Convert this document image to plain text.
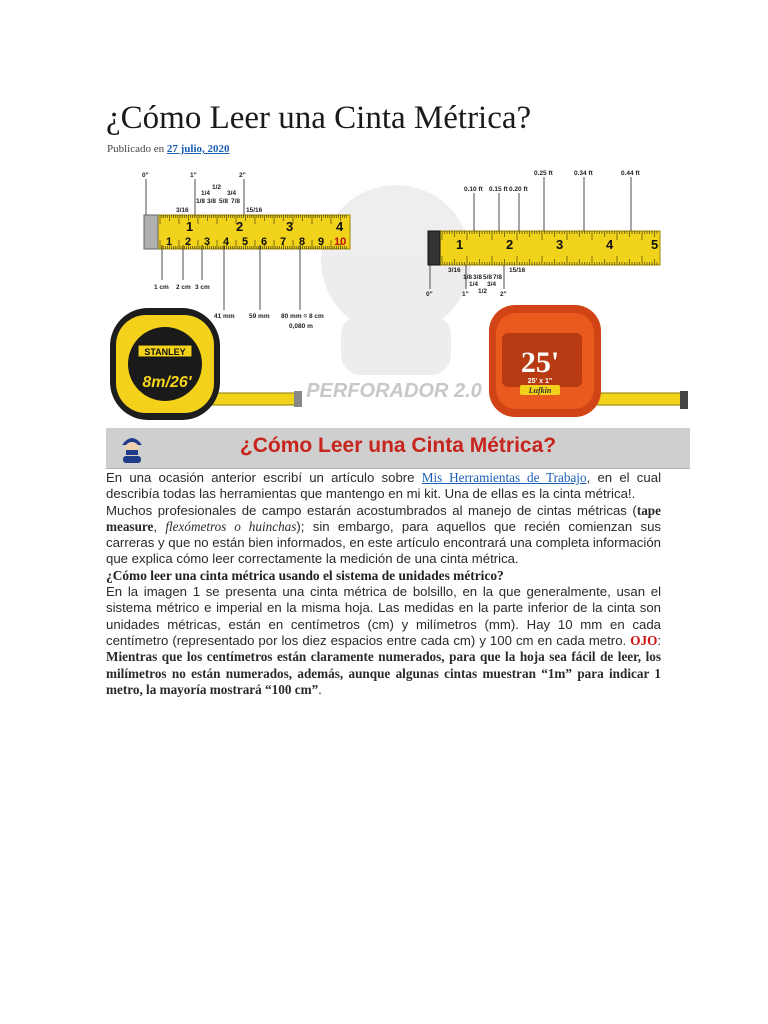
¿Cómo Leer una Cinta Métrica?
Publicado en 27 julio, 2020
PERFORADOR 2.0
1	2	3	4
1 2 3 4 5 6 7 8 9 10
0"	1"	2"
1/2
1/4	3/4
1/8 3/8 5/8 7/8
3/16	15/16
1 cm 2 cm 3 cm
41 mm 59 mm 80 mm = 8 cm
0,080 m
1	2	3	4	5
0.25 ft	0.34 ft	0.44 ft
0.10 ft 0.15 ft 0.20 ft
0"	1"	2"
1/2
1/4 3/4
1/8 3/8 5/8 7/8
3/16	15/16
STANLEY
8m/26'
25'
25' x 1"
Lufkin
¿Cómo Leer una Cinta Métrica?

En una ocasión anterior escribí un artículo sobre Mis Herramientas de Trabajo, en el cual describía todas las herramientas que mantengo en mi kit. Una de ellas es la cinta métrica!.

Muchos profesionales de campo estarán acostumbrados al manejo de cintas métricas (tape measure, flexómetros o huinchas); sin embargo, para aquellos que recién comienzan sus carreras y que no están bien informados, en este artículo encontrará una completa información que explica cómo leer correctamente la medición de una cinta métrica.

¿Cómo leer una cinta métrica usando el sistema de unidades métrico?

En la imagen 1 se presenta una cinta métrica de bolsillo, en la que generalmente, usan el sistema métrico e imperial en la misma hoja. Las medidas en la parte inferior de la cinta son unidades métricas, están en centímetros (cm) y milímetros (mm). Hay 10 mm en cada centímetro (representado por los diez espacios entre cada cm) y 100 cm en cada metro. OJO: Mientras que los centímetros están claramente numerados, para que la hoja sea fácil de leer, los milímetros no están numerados, además, aunque algunas cintas muestran “1m” para indicar 1 metro, la mayoría mostrará “100 cm”.
